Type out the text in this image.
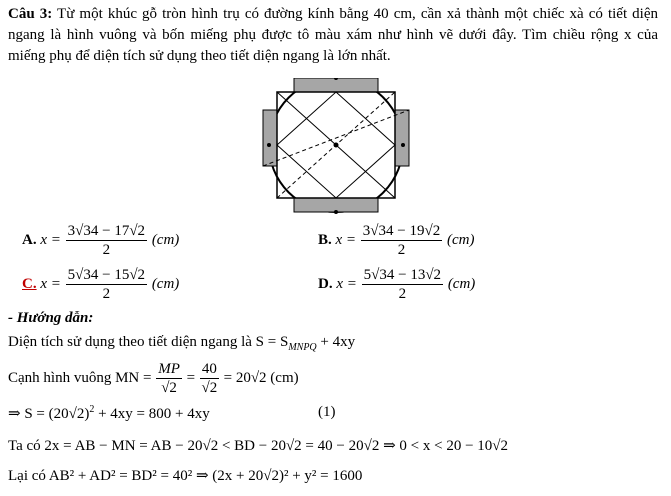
Câu 3: Từ một khúc gỗ tròn hình trụ có đường kính bằng 40 cm, cần xả thành một chiếc xà có tiết diện ngang là hình vuông và bốn miếng phụ được tô màu xám như hình vẽ dưới đây. Tìm chiều rộng x của miếng phụ để diện tích sử dụng theo tiết diện ngang là lớn nhất.
A. $x = \frac{3√34 - 17√2}{2} (cm)$	B. $x = \frac{3√34 - 19√2}{2} (cm)$
C. $x = \frac{5√34 - 15√2}{2} (cm)$	D. $x = \frac{5√34 - 13√2}{2} (cm)$
- Hướng dẫn:
Diện tích sử dụng theo tiết diện ngang là $S = S_{MNPQ} + 4xy$
Cạnh hình vuông MN = $\frac{MP}{√2} = \frac{40}{√2} = 20√2$ (cm)
⇒ $S = (20√2)^2 + 4xy = 800 + 4xy$	(1)
Ta có 2x = AB − MN = AB − 20√2 < BD − 20√2 = 40 − 20√2 ⇒ 0 < x < 20 − 10√2
Lại có AB² + AD² = BD² = 40² ⇒ (2x + 20√2)² + y² = 1600
